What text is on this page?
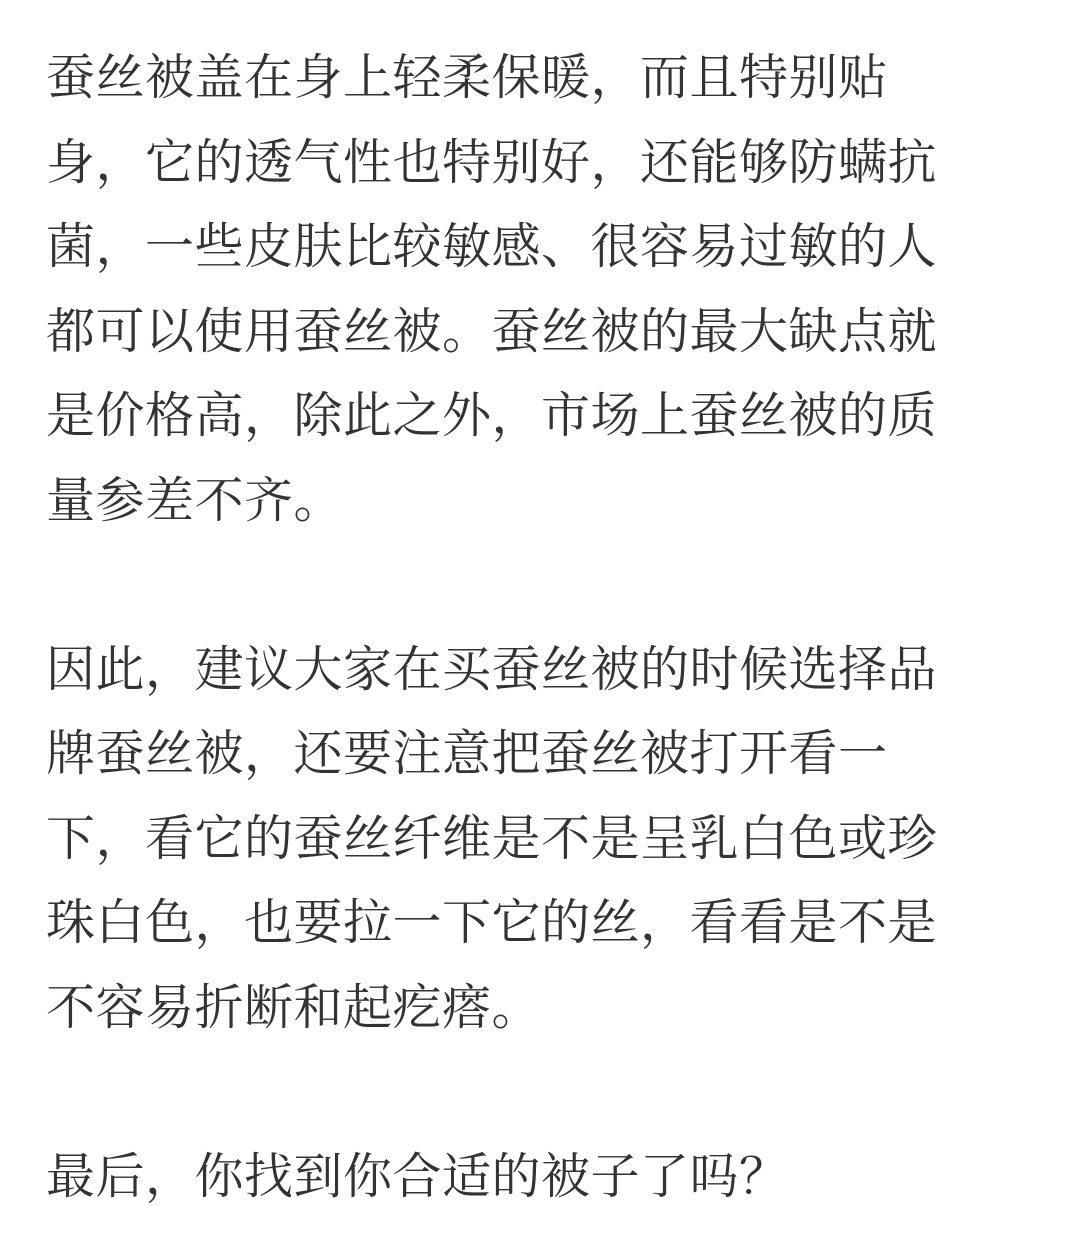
蚕丝被盖在身上轻柔保暖，而且特别贴
身，它的透气性也特别好，还能够防螨抗
菌，一些皮肤比较敏感、很容易过敏的人
都可以使用蚕丝被。蚕丝被的最大缺点就
是价格高，除此之外，市场上蚕丝被的质
量参差不齐。

因此，建议大家在买蚕丝被的时候选择品
牌蚕丝被，还要注意把蚕丝被打开看一
下，看它的蚕丝纤维是不是呈乳白色或珍
珠白色，也要拉一下它的丝，看看是不是
不容易折断和起疙瘩。

最后，你找到你合适的被子了吗？
